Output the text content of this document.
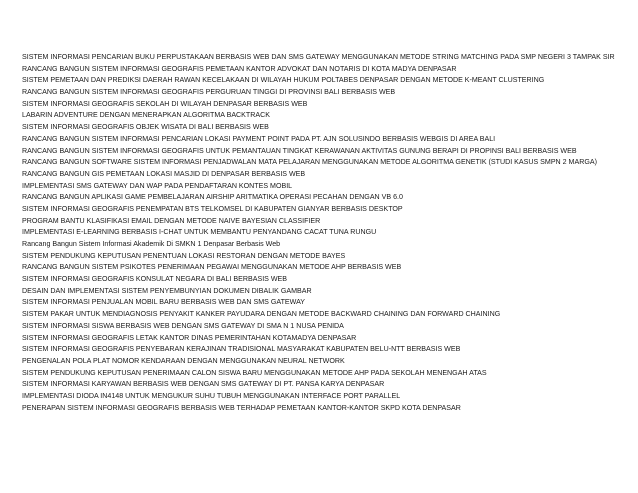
SISTEM INFORMASI PENCARIAN BUKU PERPUSTAKAAN BERBASIS WEB DAN SMS GATEWAY MENGGUNAKAN METODE STRING MATCHING PADA SMP NEGERI 3 TAMPAK SIR
RANCANG BANGUN SISTEM INFORMASI GEOGRAFIS PEMETAAN KANTOR ADVOKAT DAN NOTARIS DI KOTA MADYA DENPASAR
SISTEM PEMETAAN DAN PREDIKSI DAERAH RAWAN KECELAKAAN DI WILAYAH HUKUM POLTABES DENPASAR DENGAN METODE K-MEANT CLUSTERING
RANCANG BANGUN SISTEM INFORMASI GEOGRAFIS PERGURUAN TINGGI DI PROVINSI BALI BERBASIS WEB
SISTEM INFORMASI GEOGRAFIS SEKOLAH DI WILAYAH DENPASAR BERBASIS WEB
LABARIN ADVENTURE DENGAN MENERAPKAN ALGORITMA BACKTRACK
SISTEM INFORMASI GEOGRAFIS OBJEK WISATA DI BALI BERBASIS WEB
RANCANG BANGUN SISTEM INFORMASI PENCARIAN LOKASI PAYMENT POINT PADA PT. AJN SOLUSINDO BERBASIS WEBGIS DI AREA BALI
RANCANG BANGUN SISTEM INFORMASI GEOGRAFIS UNTUK PEMANTAUAN TINGKAT KERAWANAN AKTIVITAS GUNUNG BERAPI DI PROPINSI BALI BERBASIS WEB
RANCANG BANGUN SOFTWARE SISTEM INFORMASI PENJADWALAN MATA PELAJARAN MENGGUNAKAN METODE ALGORITMA GENETIK (STUDI KASUS SMPN 2 MARGA)
RANCANG BANGUN GIS PEMETAAN LOKASI MASJID DI DENPASAR BERBASIS WEB
IMPLEMENTASI SMS GATEWAY DAN WAP PADA PENDAFTARAN KONTES MOBIL
RANCANG BANGUN APLIKASI GAME PEMBELAJARAN AIRSHIP ARITMATIKA OPERASI PECAHAN DENGAN VB 6.0
SISTEM INFORMASI GEOGRAFIS PENEMPATAN BTS TELKOMSEL DI KABUPATEN GIANYAR BERBASIS DESKTOP
PROGRAM BANTU KLASIFIKASI EMAIL DENGAN METODE NAIVE BAYESIAN CLASSIFIER
IMPLEMENTASI E-LEARNING BERBASIS I-CHAT UNTUK MEMBANTU PENYANDANG CACAT TUNA RUNGU
Rancang Bangun Sistem Informasi Akademik Di SMKN 1 Denpasar Berbasis Web
SISTEM PENDUKUNG KEPUTUSAN PENENTUAN LOKASI RESTORAN DENGAN METODE BAYES
RANCANG BANGUN SISTEM PSIKOTES PENERIMAAN PEGAWAI MENGGUNAKAN METODE AHP BERBASIS WEB
SISTEM INFORMASI GEOGRAFIS KONSULAT NEGARA DI BALI BERBASIS WEB
DESAIN DAN IMPLEMENTASI SISTEM PENYEMBUNYIAN DOKUMEN DIBALIK GAMBAR
SISTEM INFORMASI PENJUALAN MOBIL BARU BERBASIS WEB DAN SMS GATEWAY
SISTEM PAKAR UNTUK MENDIAGNOSIS PENYAKIT KANKER PAYUDARA DENGAN METODE BACKWARD CHAINING DAN FORWARD CHAINING
SISTEM INFORMASI SISWA BERBASIS WEB DENGAN SMS GATEWAY DI SMA N 1 NUSA PENIDA
SISTEM INFORMASI GEOGRAFIS LETAK KANTOR DINAS PEMERINTAHAN KOTAMADYA DENPASAR
SISTEM INFORMASI GEOGRAFIS PENYEBARAN KERAJINAN TRADISIONAL MASYARAKAT KABUPATEN BELU-NTT BERBASIS WEB
PENGENALAN POLA PLAT NOMOR KENDARAAN DENGAN MENGGUNAKAN NEURAL NETWORK
SISTEM PENDUKUNG KEPUTUSAN PENERIMAAN CALON SISWA BARU MENGGUNAKAN METODE AHP PADA SEKOLAH MENENGAH ATAS
SISTEM INFORMASI KARYAWAN BERBASIS WEB DENGAN SMS GATEWAY DI PT. PANSA KARYA DENPASAR
IMPLEMENTASI DIODA IN4148 UNTUK MENGUKUR SUHU TUBUH MENGGUNAKAN INTERFACE PORT PARALLEL
PENERAPAN SISTEM INFORMASI GEOGRAFIS BERBASIS WEB TERHADAP PEMETAAN KANTOR-KANTOR SKPD KOTA DENPASAR
